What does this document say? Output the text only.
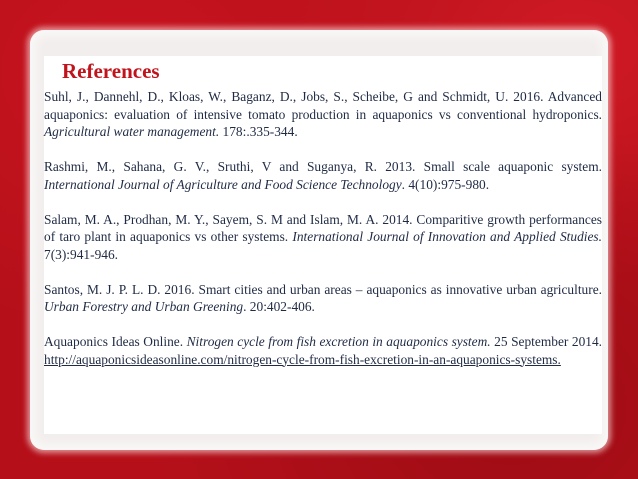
References

Suhl, J., Dannehl, D., Kloas, W., Baganz, D., Jobs, S., Scheibe, G and Schmidt, U. 2016. Advanced aquaponics: evaluation of intensive tomato production in aquaponics vs conventional hydroponics. Agricultural water management. 178:.335-344.

Rashmi, M., Sahana, G. V., Sruthi, V and Suganya, R. 2013. Small scale aquaponic system. International Journal of Agriculture and Food Science Technology. 4(10):975-980.

Salam, M. A., Prodhan, M. Y., Sayem, S. M and Islam, M. A. 2014. Comparitive growth performances of taro plant in aquaponics vs other systems. International Journal of Innovation and Applied Studies. 7(3):941-946.

Santos, M. J. P. L. D. 2016. Smart cities and urban areas – aquaponics as innovative urban agriculture. Urban Forestry and Urban Greening. 20:402-406.

Aquaponics Ideas Online. Nitrogen cycle from fish excretion in aquaponics system. 25 September 2014. http://aquaponicsideasonline.com/nitrogen-cycle-from-fish-excretion-in-an-aquaponics-systems.
